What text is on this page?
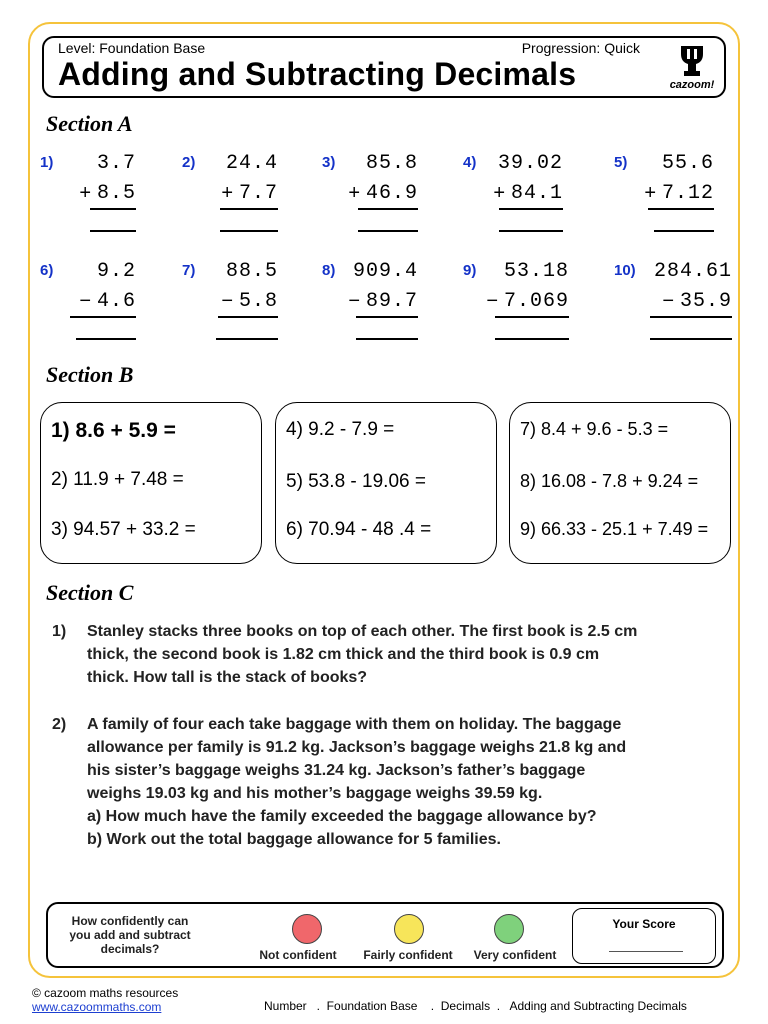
Level: Foundation Base	Progression: Quick
Adding and Subtracting Decimals	cazoom!
Section A
1) 3.7
+ 8.5
2) 24.4
+ 7.7
3) 85.8
+ 46.9
4) 39.02
+ 84.1
5) 55.6
+ 7.12
6) 9.2
− 4.6
7) 88.5
− 5.8
8) 909.4
− 89.7
9) 53.18
− 7.069
10) 284.61
− 35.9
Section B
1) 8.6 + 5.9 =
2) 11.9 + 7.48 =
3) 94.57 + 33.2 =
4) 9.2 - 7.9 =
5) 53.8 - 19.06 =
6) 70.94 - 48 .4 =
7) 8.4 + 9.6 - 5.3 =
8) 16.08 - 7.8 + 9.24 =
9) 66.33 - 25.1 + 7.49 =
Section C
1) Stanley stacks three books on top of each other. The first book is 2.5 cm
thick, the second book is 1.82 cm thick and the third book is 0.9 cm
thick. How tall is the stack of books?
2) A family of four each take baggage with them on holiday. The baggage
allowance per family is 91.2 kg. Jackson’s baggage weighs 21.8 kg and
his sister’s baggage weighs 31.24 kg. Jackson’s father’s baggage
weighs 19.03 kg and his mother’s baggage weighs 39.59 kg.
a) How much have the family exceeded the baggage allowance by?
b) Work out the total baggage allowance for 5 families.
How confidently can you add and subtract decimals?	Not confident Fairly confident Very confident
Your Score
© cazoom maths resources
www.cazoommaths.com	Number   .  Foundation Base    .  Decimals  .   Adding and Subtracting Decimals
